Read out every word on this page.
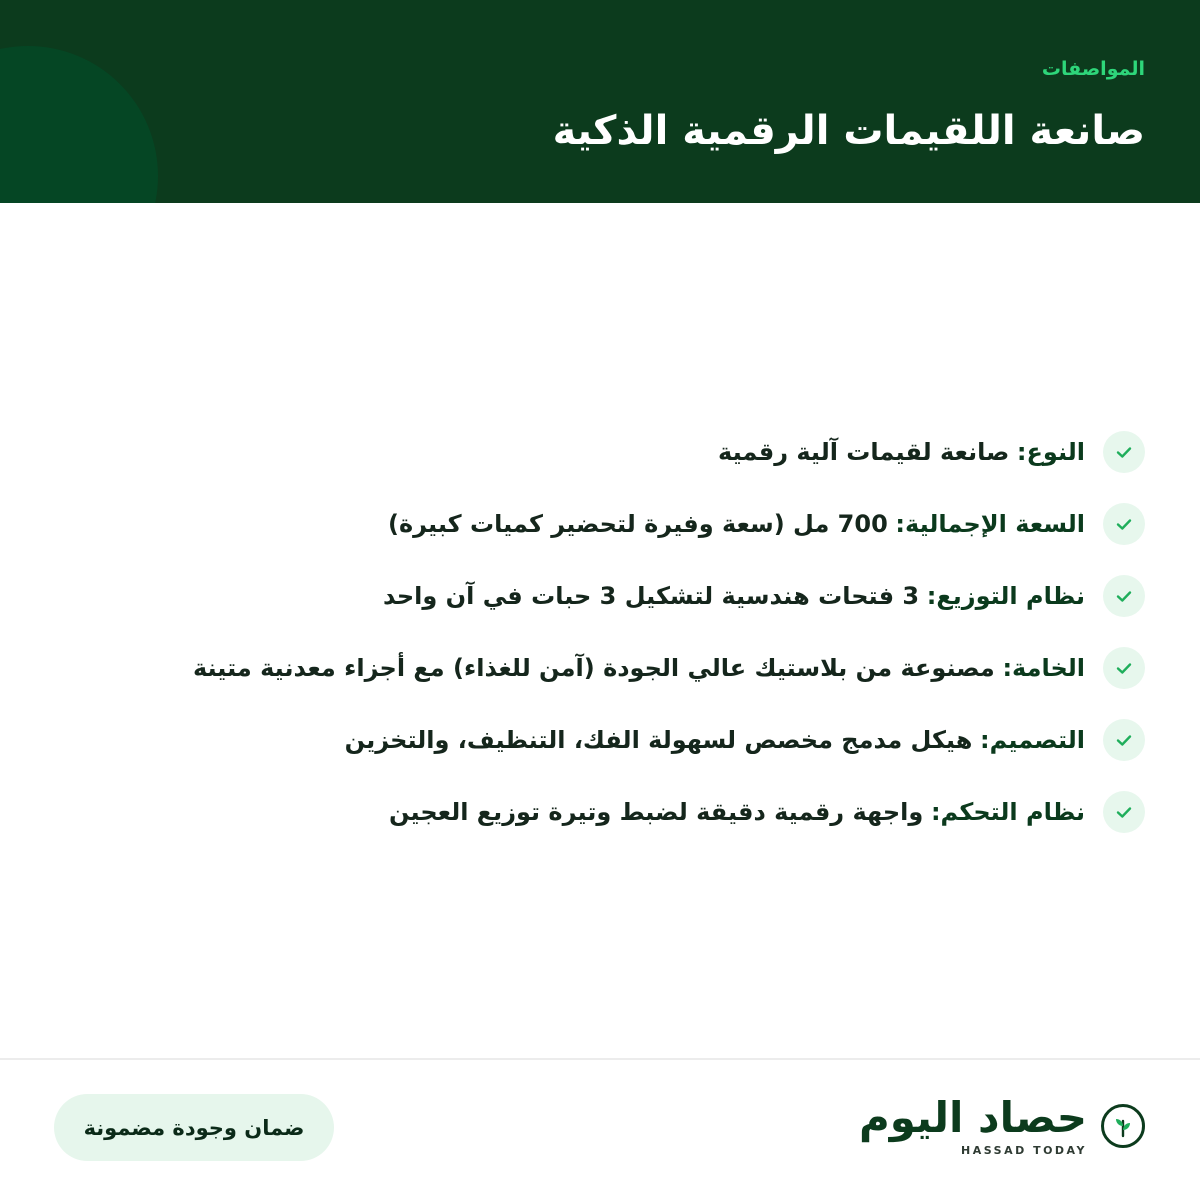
المواصفات
صانعة اللقيمات الرقمية الذكية
النوع: صانعة لقيمات آلية رقمية
السعة الإجمالية: 700 مل (سعة وفيرة لتحضير كميات كبيرة)
نظام التوزيع: 3 فتحات هندسية لتشكيل 3 حبات في آن واحد
الخامة: مصنوعة من بلاستيك عالي الجودة (آمن للغذاء) مع أجزاء معدنية متينة
التصميم: هيكل مدمج مخصص لسهولة الفك، التنظيف، والتخزين
نظام التحكم: واجهة رقمية دقيقة لضبط وتيرة توزيع العجين
حصاد اليوم
HASSAD TODAY
ضمان وجودة مضمونة
